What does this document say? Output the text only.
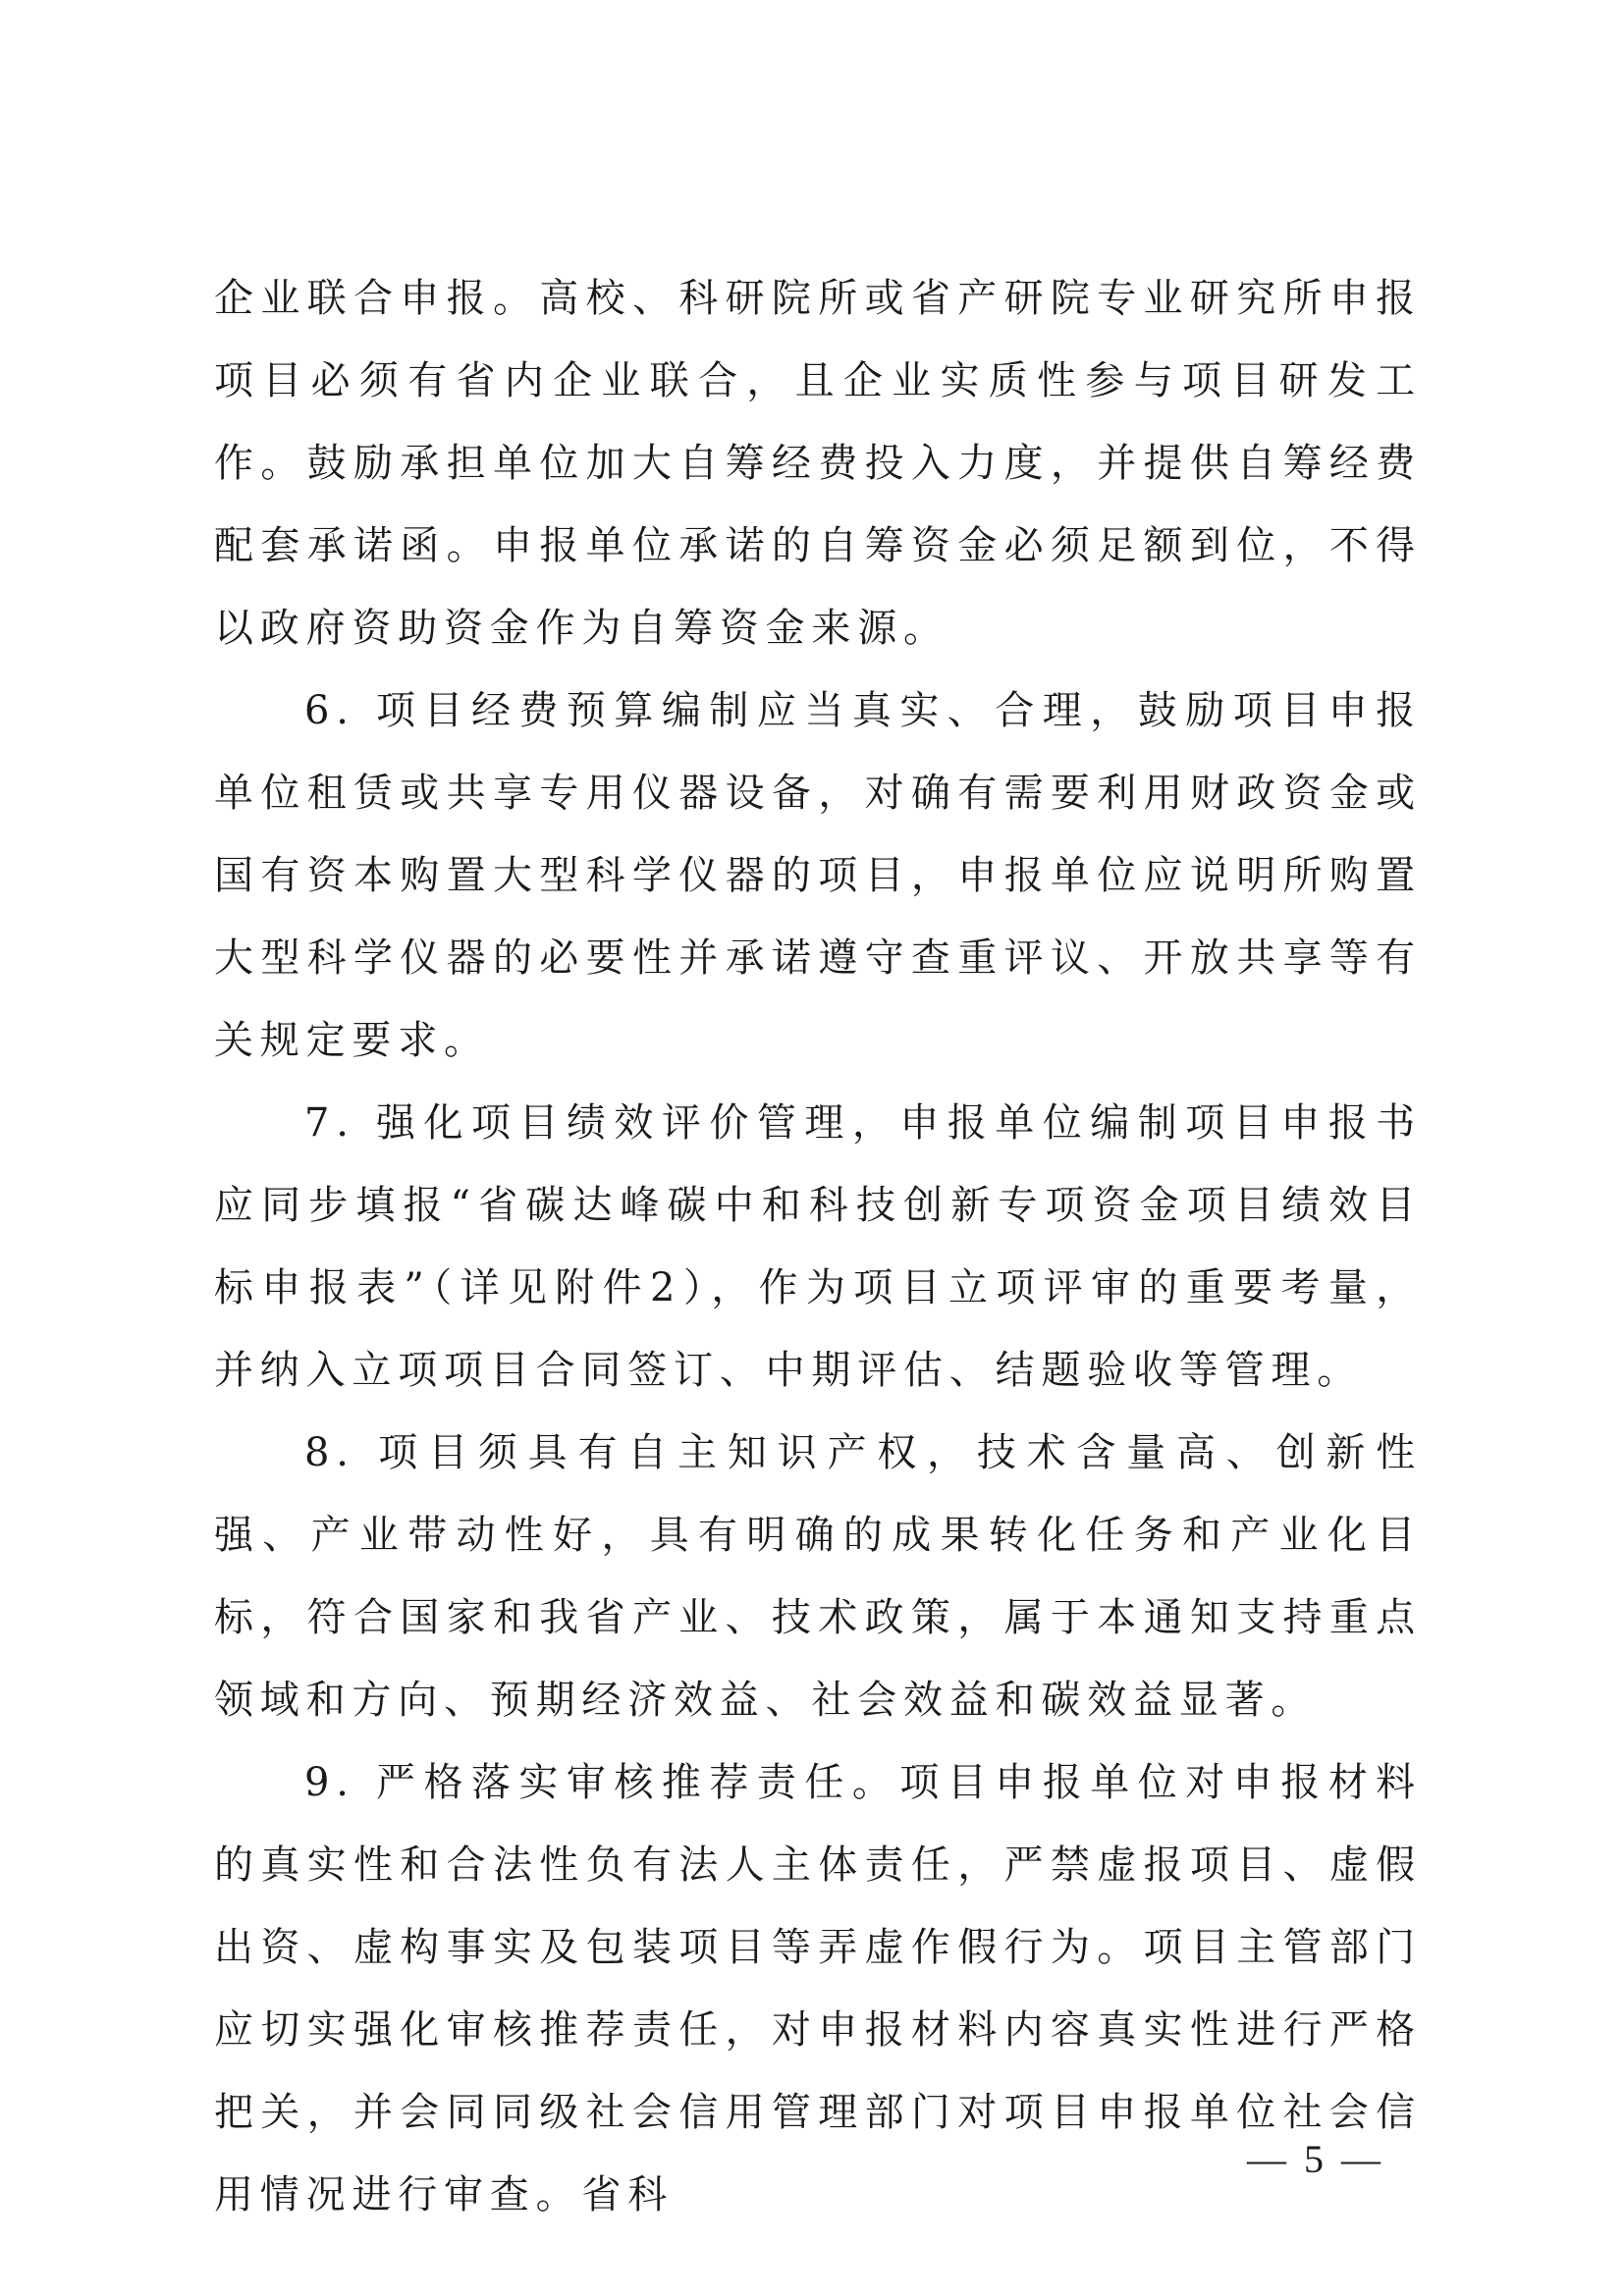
企业联合申报。高校、科研院所或省产研院专业研究所申报项目必须有省内企业联合，且企业实质性参与项目研发工作。鼓励承担单位加大自筹经费投入力度，并提供自筹经费配套承诺函。申报单位承诺的自筹资金必须足额到位，不得以政府资助资金作为自筹资金来源。

6. 项目经费预算编制应当真实、合理，鼓励项目申报单位租赁或共享专用仪器设备，对确有需要利用财政资金或国有资本购置大型科学仪器的项目，申报单位应说明所购置大型科学仪器的必要性并承诺遵守查重评议、开放共享等有关规定要求。

7. 强化项目绩效评价管理，申报单位编制项目申报书应同步填报“省碳达峰碳中和科技创新专项资金项目绩效目标申报表”（详见附件2），作为项目立项评审的重要考量，并纳入立项项目合同签订、中期评估、结题验收等管理。

8. 项目须具有自主知识产权，技术含量高、创新性强、产业带动性好，具有明确的成果转化任务和产业化目标，符合国家和我省产业、技术政策，属于本通知支持重点领域和方向、预期经济效益、社会效益和碳效益显著。

9. 严格落实审核推荐责任。项目申报单位对申报材料的真实性和合法性负有法人主体责任，严禁虚报项目、虚假出资、虚构事实及包装项目等弄虚作假行为。项目主管部门应切实强化审核推荐责任，对申报材料内容真实性进行严格把关，并会同同级社会信用管理部门对项目申报单位社会信用情况进行审查。省科

— 5 —
